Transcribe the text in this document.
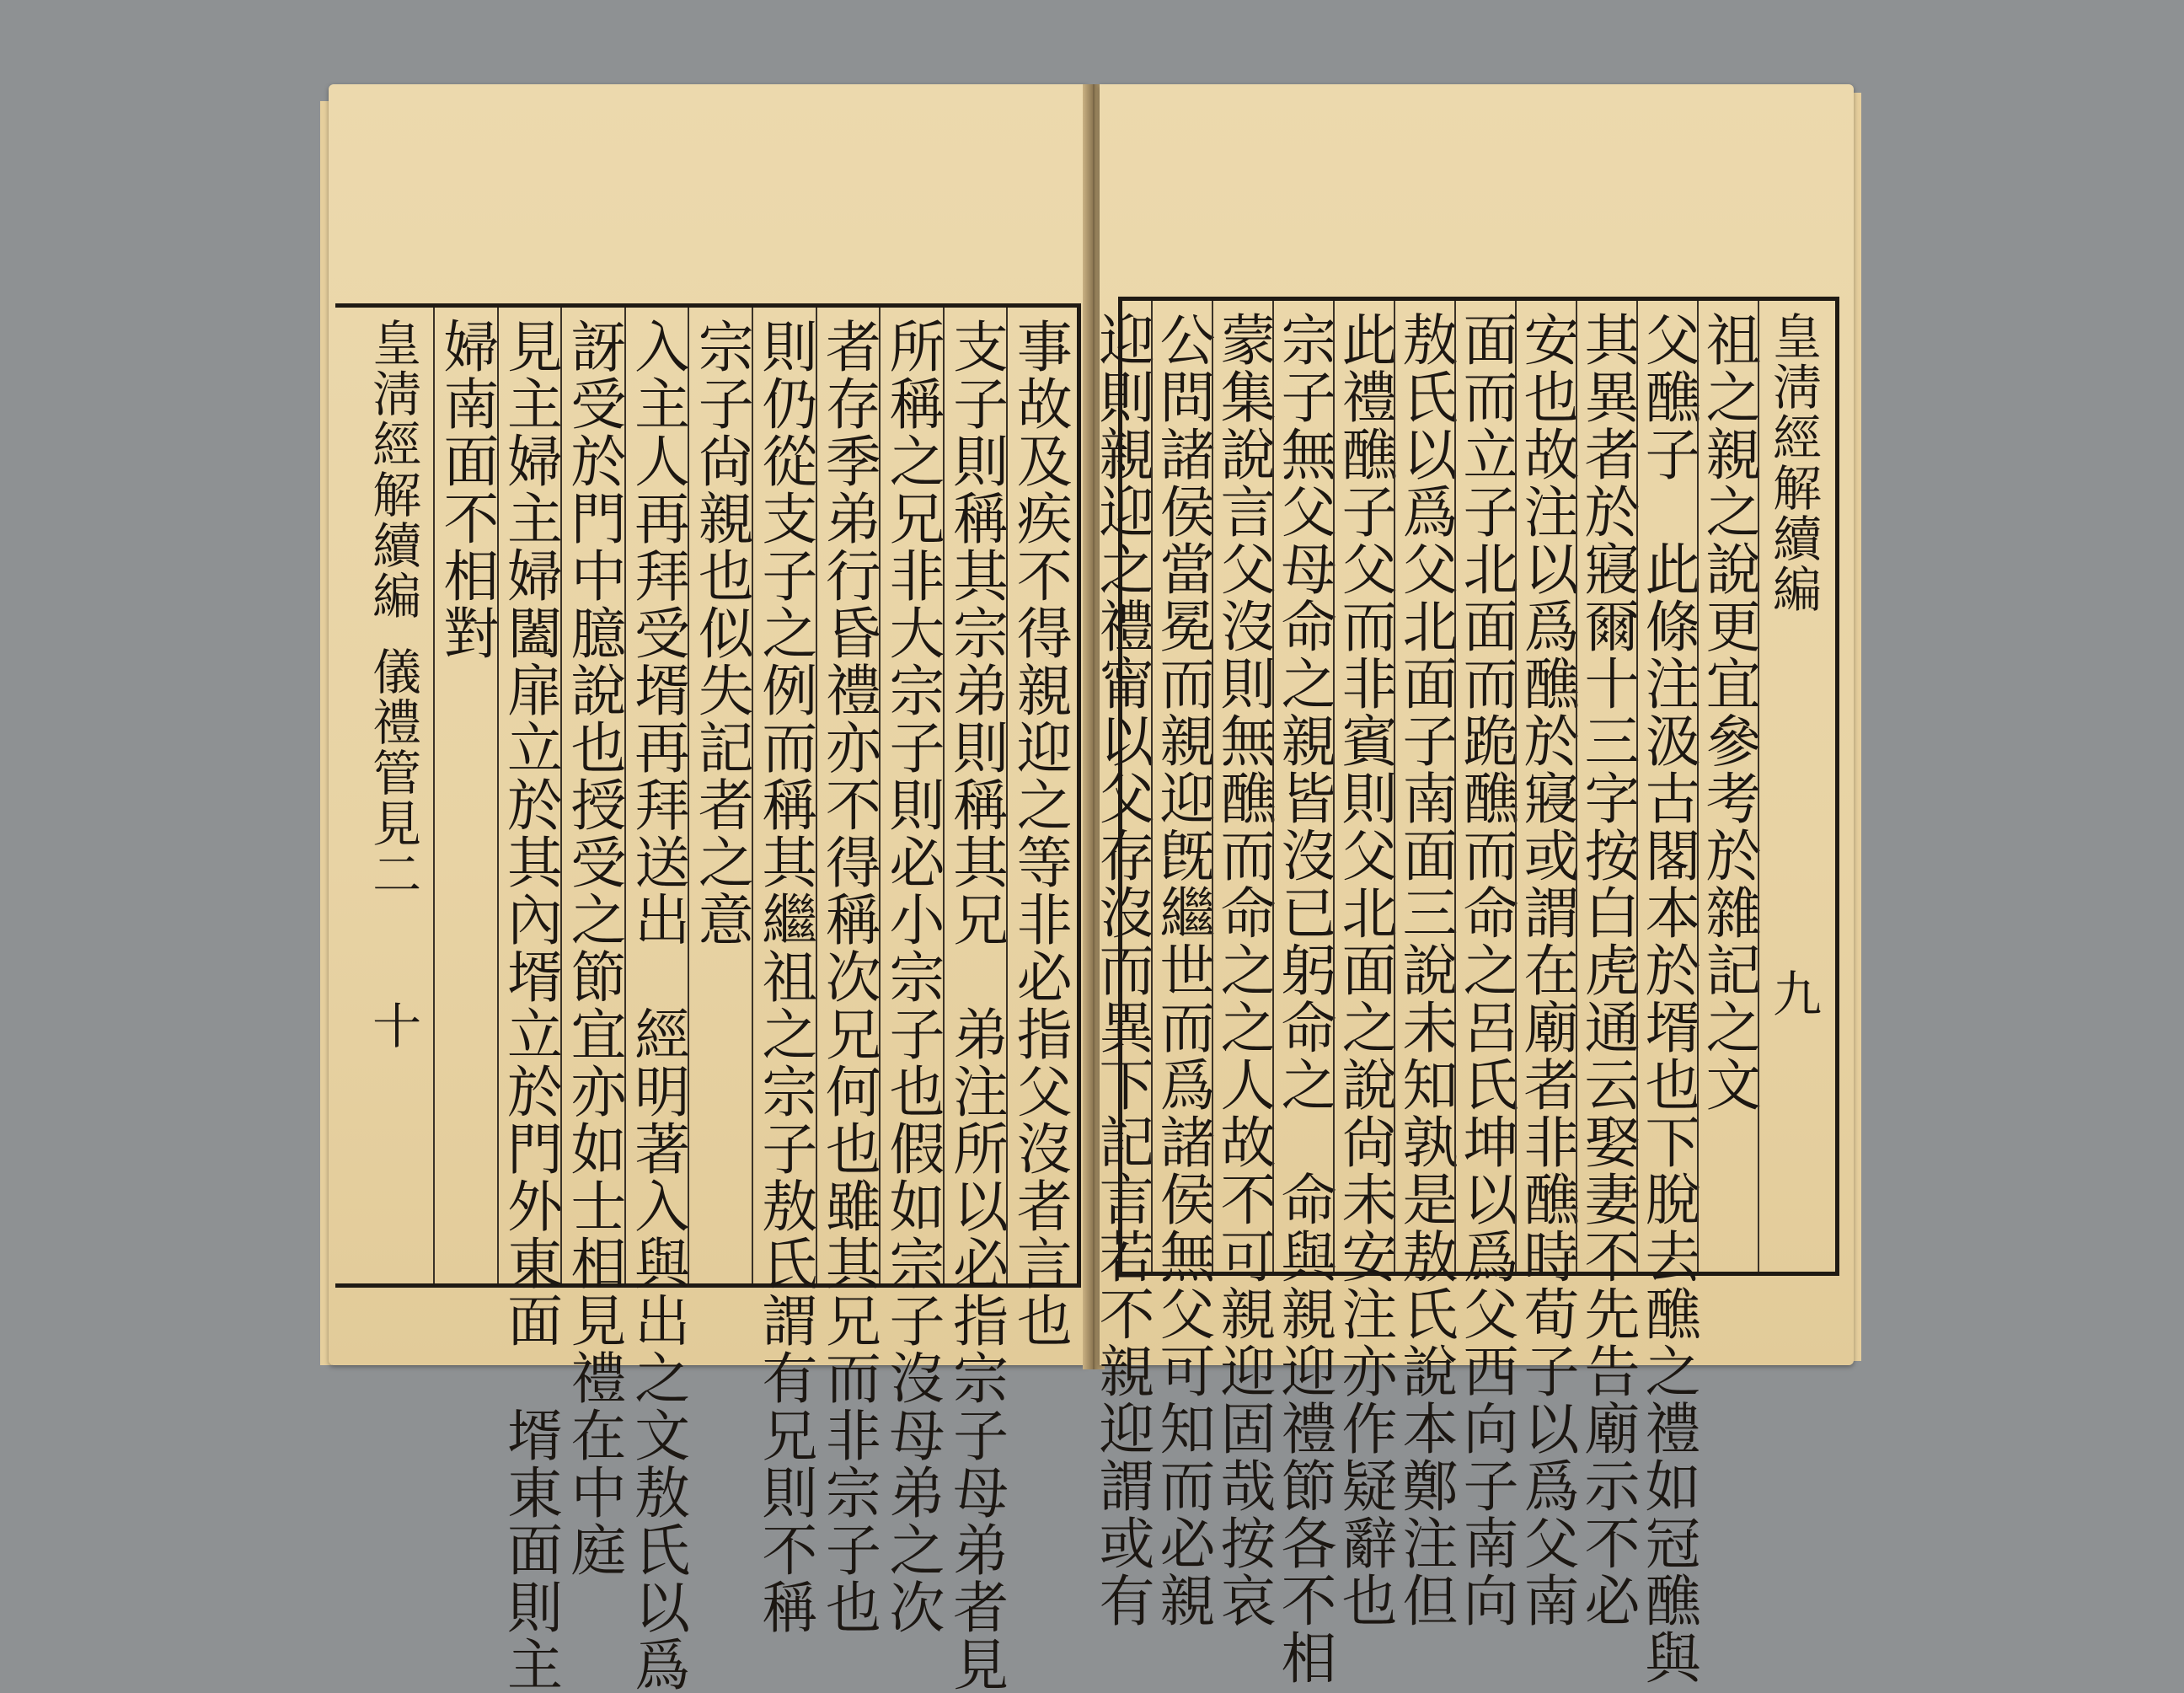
事故及疾不得親迎之等非必指父沒者言也
支子則稱其宗弟則稱其兄　弟注所以必指宗子母弟者見
所稱之兄非大宗子則必小宗子也假如宗子沒母弟之次
者存季弟行昏禮亦不得稱次兄何也雖其兄而非宗子也
則仍從支子之例而稱其繼祖之宗子敖氏謂有兄則不稱
宗子尙親也似失記者之意
入主人再拜受壻再拜送出　經明著入與出之文敖氏以爲
訝受於門中臆說也授受之節宜亦如士相見禮在中庭
見主婦主婦闔扉立於其內壻立於門外東面　壻東面則主
婦南面不相對
皇淸經解續編
儀禮管見二
十
皇淸經解續編
九
祖之親之說更宜參考於雜記之文
父醮子　此條注汲古閣本於壻也下脫去醮之禮如冠醮與
其異者於寢爾十三字按白虎通云娶妻不先告廟示不必
安也故注以爲醮於寢或謂在廟者非醮時荀子以爲父南
面而立子北面而跪醮而命之呂氏坤以爲父西向子南向
敖氏以爲父北面子南面三說未知孰是敖氏說本鄭注但
此禮醮子父而非賓則父北面之說尙未安注亦作疑辭也
宗子無父母命之親皆沒已躬命之　命與親迎禮節各不相
蒙集說言父沒則無醮而命之之人故不可親迎固哉按哀
公問諸侯當冕而親迎旣繼世而爲諸侯無父可知而必親
迎則親迎之禮甯以父存沒而異下記言若不親迎謂或有
